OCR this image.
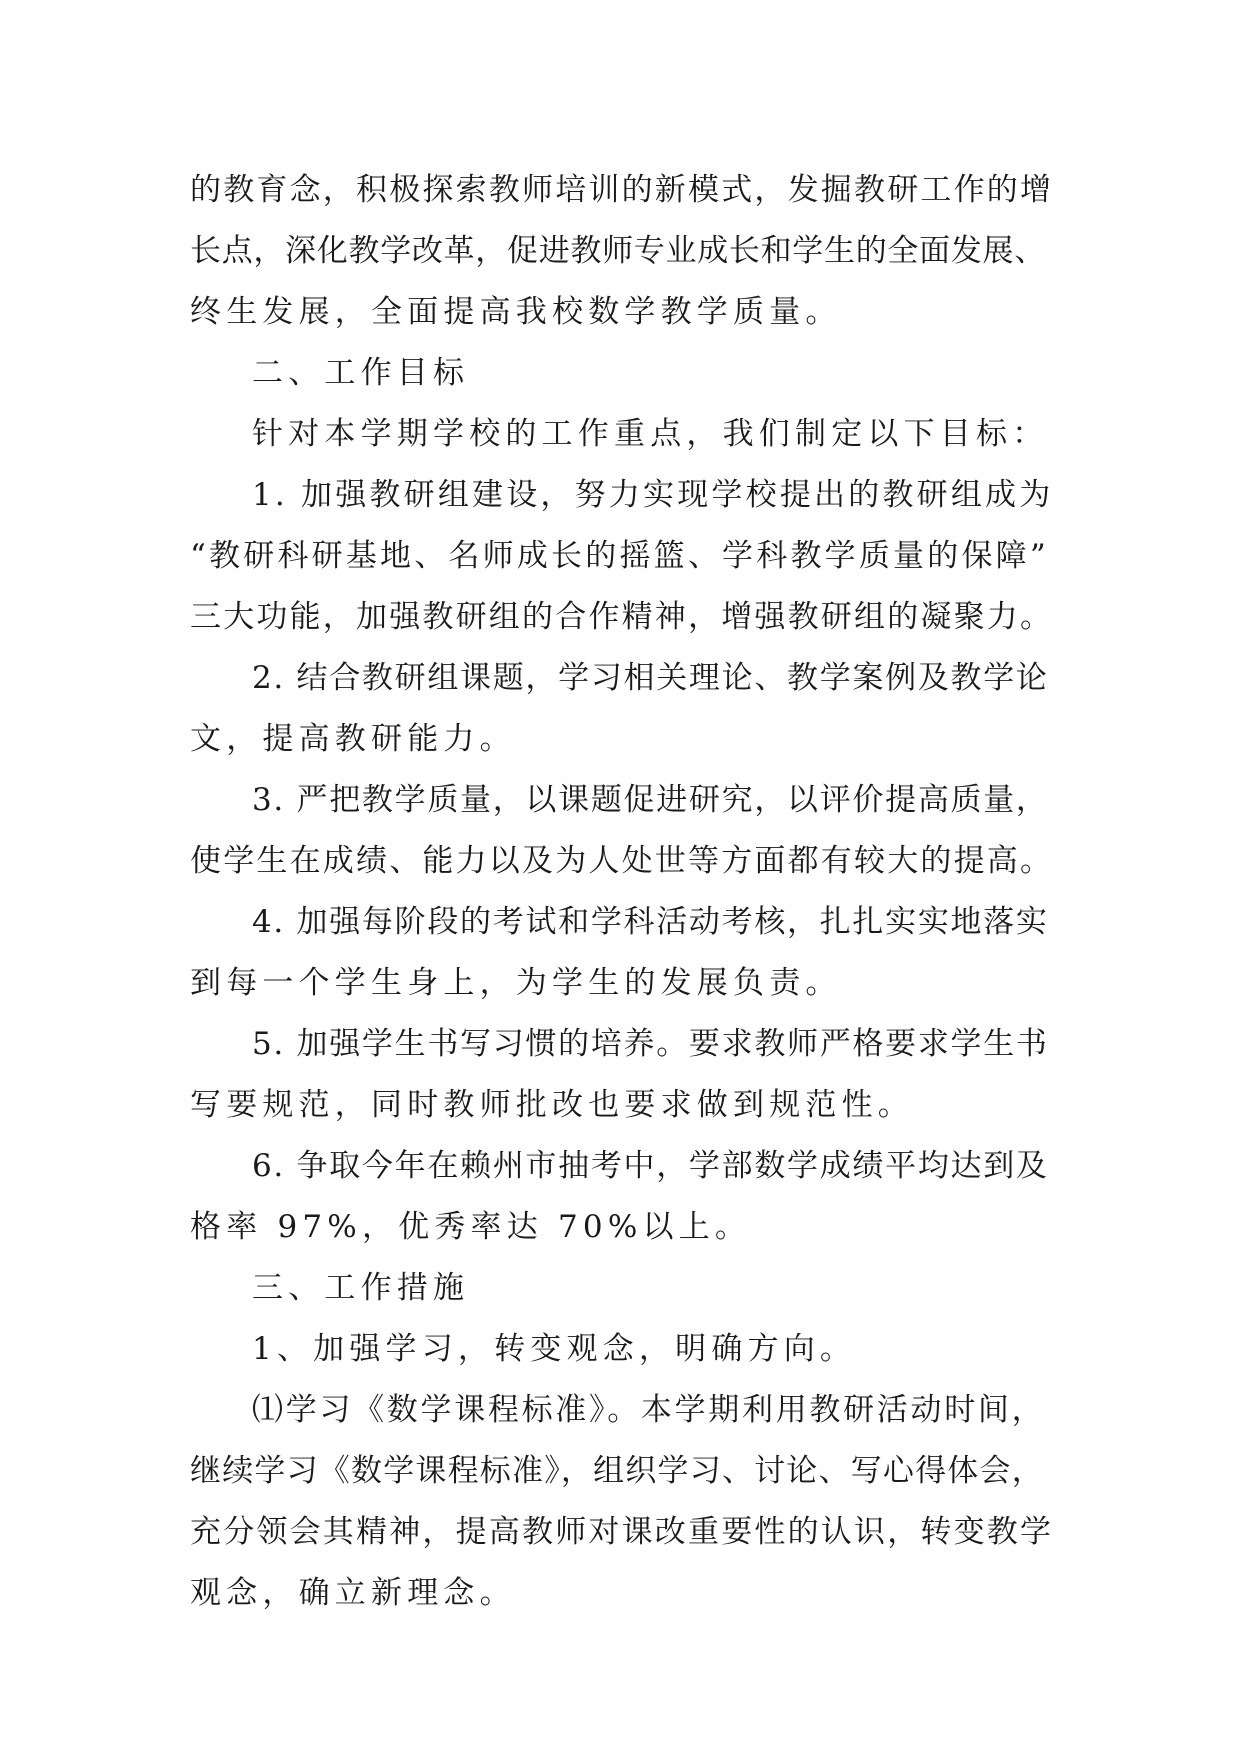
的教育念，积极探索教师培训的新模式，发掘教研工作的增
长点，深化教学改革，促进教师专业成长和学生的全面发展、
终生发展，全面提高我校数学教学质量。
二、工作目标
针对本学期学校的工作重点，我们制定以下目标：
1. 加强教研组建设，努力实现学校提出的教研组成为
“教研科研基地、名师成长的摇篮、学科教学质量的保障”
三大功能，加强教研组的合作精神，增强教研组的凝聚力。
2. 结合教研组课题，学习相关理论、教学案例及教学论
文，提高教研能力。
3. 严把教学质量，以课题促进研究，以评价提高质量，
使学生在成绩、能力以及为人处世等方面都有较大的提高。
4. 加强每阶段的考试和学科活动考核，扎扎实实地落实
到每一个学生身上，为学生的发展负责。
5. 加强学生书写习惯的培养。要求教师严格要求学生书
写要规范，同时教师批改也要求做到规范性。
6. 争取今年在赖州市抽考中，学部数学成绩平均达到及
格率 97%，优秀率达 70%以上。
三、工作措施
1、加强学习，转变观念，明确方向。
⑴学习《数学课程标准》。本学期利用教研活动时间，
继续学习《数学课程标准》，组织学习、讨论、写心得体会，
充分领会其精神，提高教师对课改重要性的认识，转变教学
观念，确立新理念。
